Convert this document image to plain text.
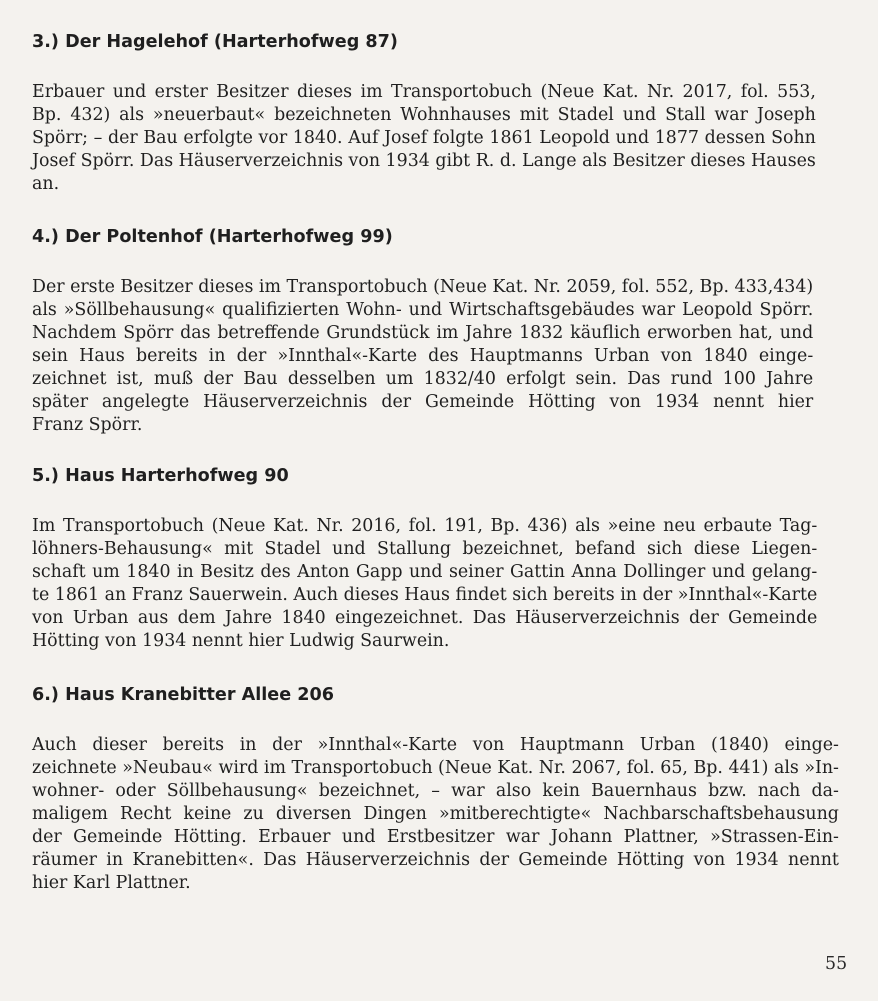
3.) Der Hagelehof (Harterhofweg 87)
Erbauer und erster Besitzer dieses im Transportobuch (Neue Kat. Nr. 2017, fol. 553,
Bp. 432) als »neuerbaut« bezeichneten Wohnhauses mit Stadel und Stall war Joseph
Spörr; – der Bau erfolgte vor 1840. Auf Josef folgte 1861 Leopold und 1877 dessen Sohn
Josef Spörr. Das Häuserverzeichnis von 1934 gibt R. d. Lange als Besitzer dieses Hauses
an.
4.) Der Poltenhof (Harterhofweg 99)
Der erste Besitzer dieses im Transportobuch (Neue Kat. Nr. 2059, fol. 552, Bp. 433,434)
als »Söllbehausung« qualifizierten Wohn- und Wirtschaftsgebäudes war Leopold Spörr.
Nachdem Spörr das betreffende Grundstück im Jahre 1832 käuflich erworben hat, und
sein Haus bereits in der »Innthal«-Karte des Hauptmanns Urban von 1840 einge-
zeichnet ist, muß der Bau desselben um 1832/40 erfolgt sein. Das rund 100 Jahre
später angelegte Häuserverzeichnis der Gemeinde Hötting von 1934 nennt hier
Franz Spörr.
5.) Haus Harterhofweg 90
Im Transportobuch (Neue Kat. Nr. 2016, fol. 191, Bp. 436) als »eine neu erbaute Tag-
löhners-Behausung« mit Stadel und Stallung bezeichnet, befand sich diese Liegen-
schaft um 1840 in Besitz des Anton Gapp und seiner Gattin Anna Dollinger und gelang-
te 1861 an Franz Sauerwein. Auch dieses Haus findet sich bereits in der »Innthal«-Karte
von Urban aus dem Jahre 1840 eingezeichnet. Das Häuserverzeichnis der Gemeinde
Hötting von 1934 nennt hier Ludwig Saurwein.
6.) Haus Kranebitter Allee 206
Auch dieser bereits in der »Innthal«-Karte von Hauptmann Urban (1840) einge-
zeichnete »Neubau« wird im Transportobuch (Neue Kat. Nr. 2067, fol. 65, Bp. 441) als »In-
wohner- oder Söllbehausung« bezeichnet, – war also kein Bauernhaus bzw. nach da-
maligem Recht keine zu diversen Dingen »mitberechtigte« Nachbarschaftsbehausung
der Gemeinde Hötting. Erbauer und Erstbesitzer war Johann Plattner, »Strassen-Ein-
räumer in Kranebitten«. Das Häuserverzeichnis der Gemeinde Hötting von 1934 nennt
hier Karl Plattner.
55
